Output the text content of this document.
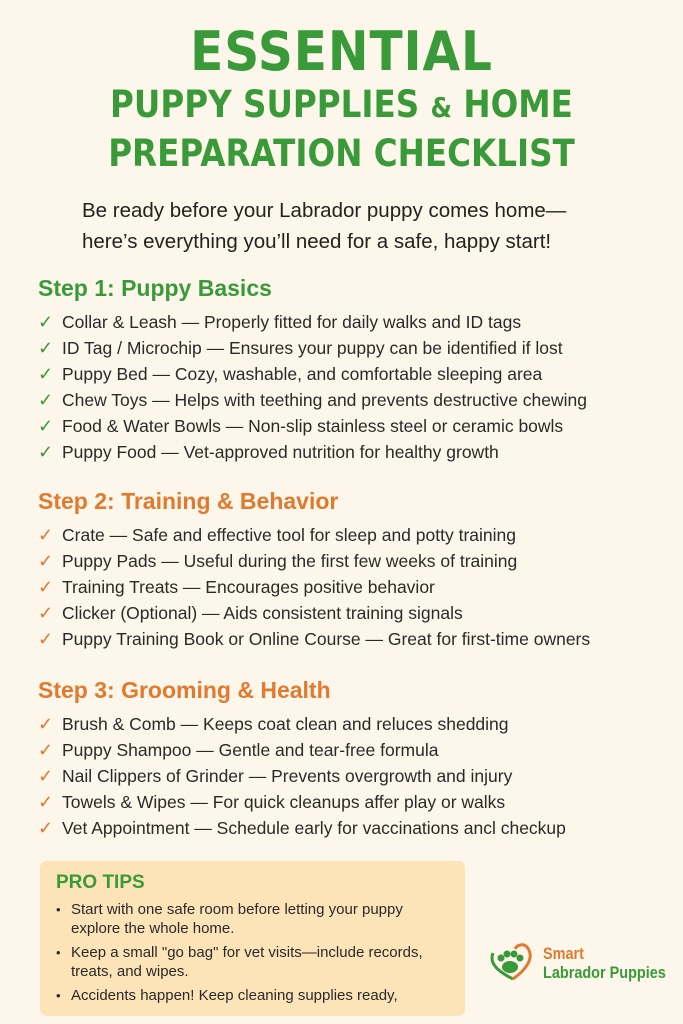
ESSENTIAL
PUPPY SUPPLIES & HOME
PREPARATION CHECKLIST
Be ready before your Labrador puppy comes home—
here’s everything you’ll need for a safe, happy start!
Step 1: Puppy Basics
✓ Collar & Leash — Properly fitted for daily walks and ID tags
✓ ID Tag / Microchip — Ensures your puppy can be identified if lost
✓ Puppy Bed — Cozy, washable, and comfortable sleeping area
✓ Chew Toys — Helps with teething and prevents destructive chewing
✓ Food & Water Bowls — Non-slip stainless steel or ceramic bowls
✓ Puppy Food — Vet-approved nutrition for healthy growth
Step 2: Training & Behavior
✓ Crate — Safe and effective tool for sleep and potty training
✓ Puppy Pads — Useful during the first few weeks of training
✓ Training Treats — Encourages positive behavior
✓ Clicker (Optional) — Aids consistent training signals
✓ Puppy Training Book or Online Course — Great for first-time owners
Step 3: Grooming & Health
✓ Brush & Comb — Keeps coat clean and reluces shedding
✓ Puppy Shampoo — Gentle and tear-free formula
✓ Nail Clippers of Grinder — Prevents overgrowth and injury
✓ Towels & Wipes — For quick cleanups affer play or walks
✓ Vet Appointment — Schedule early for vaccinations ancl checkup
PRO TIPS
• Start with one safe room before letting your puppy explore the whole home.
• Keep a small "go bag" for vet visits—include records, treats, and wipes.
• Accidents happen! Keep cleaning supplies ready,
Smart
Labrador Puppies
